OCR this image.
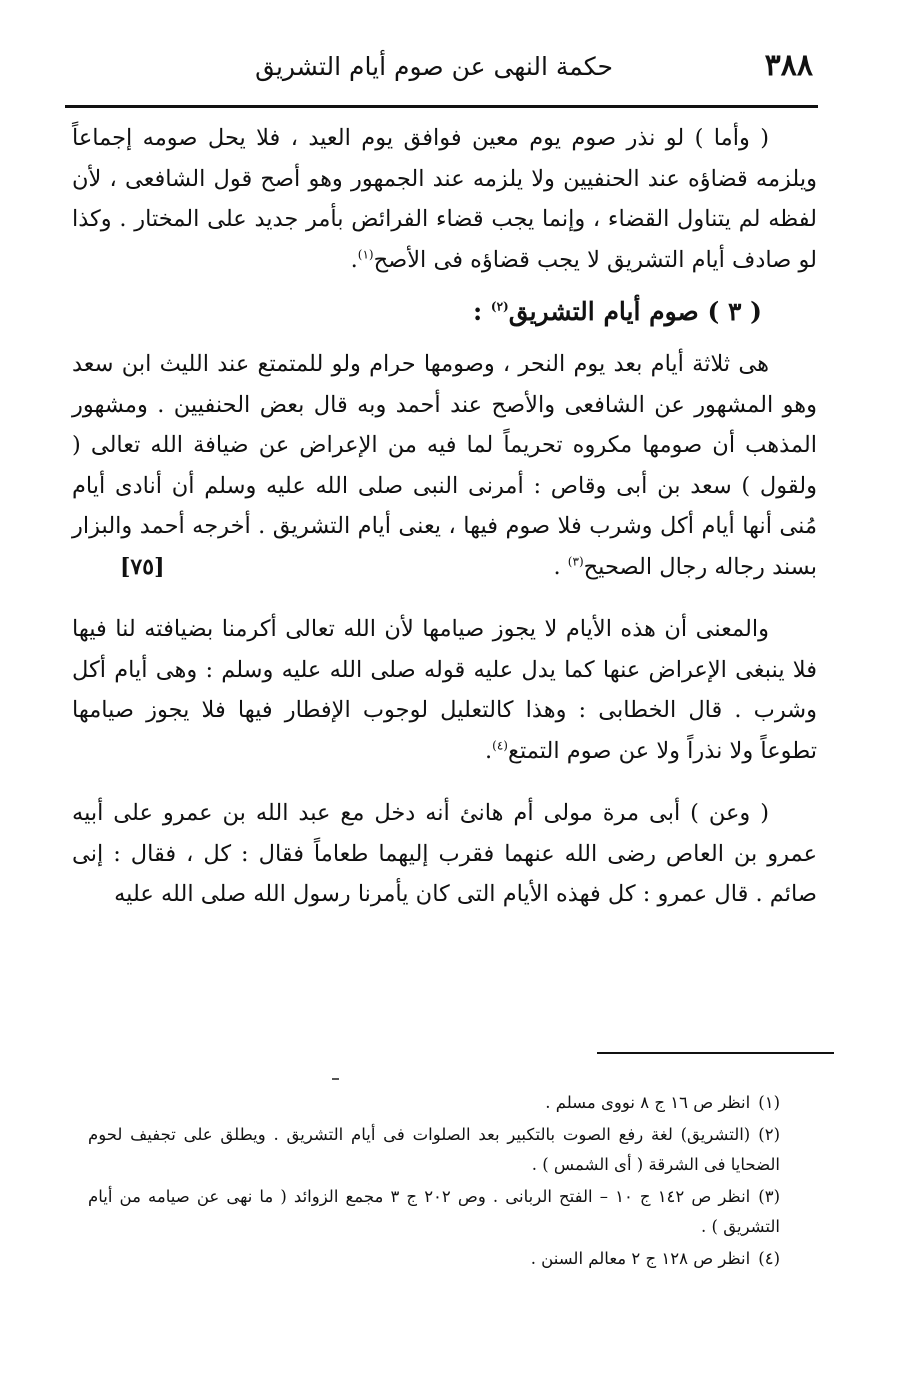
٣٨٨
حكمة النهى عن صوم أيام التشريق

( وأما ) لو نذر صوم يوم معين فوافق يوم العيد ، فلا يحل صومه إجماعاً ويلزمه قضاؤه عند الحنفيين ولا يلزمه عند الجمهور وهو أصح قول الشافعى ، لأن لفظه لم يتناول القضاء ، وإنما يجب قضاء الفرائض بأمر جديد على المختار . وكذا لو صادف أيام التشريق لا يجب قضاؤه فى الأصح$^{(١)}$.

( ٣ ) صوم أيام التشريق$^{(٢)}$ :

هى ثلاثة أيام بعد يوم النحر ، وصومها حرام ولو للمتمتع عند الليث ابن سعد وهو المشهور عن الشافعى والأصح عند أحمد وبه قال بعض الحنفيين . ومشهور المذهب أن صومها مكروه تحريماً لما فيه من الإعراض عن ضيافة الله تعالى ( ولقول ) سعد بن أبى وقاص : أمرنى النبى صلى الله عليه وسلم أن أنادى أيام مُنى أنها أيام أكل وشرب فلا صوم فيها ، يعنى أيام التشريق . أخرجه أحمد والبزار بسند رجاله رجال الصحيح$^{(٣)}$ .
[٧٥]

والمعنى أن هذه الأيام لا يجوز صيامها لأن الله تعالى أكرمنا بضيافته لنا فيها فلا ينبغى الإعراض عنها كما يدل عليه قوله صلى الله عليه وسلم : وهى أيام أكل وشرب . قال الخطابى : وهذا كالتعليل لوجوب الإفطار فيها فلا يجوز صيامها تطوعاً ولا نذراً ولا عن صوم التمتع$^{(٤)}$.

( وعن ) أبى مرة مولى أم هانئ أنه دخل مع عبد الله بن عمرو على أبيه عمرو بن العاص رضى الله عنهما فقرب إليهما طعاماً فقال : كل ، فقال : إنى صائم . قال عمرو : كل فهذه الأيام التى كان يأمرنا رسول الله صلى الله عليه

(١)انظر ص ١٦ ج ٨ نووى مسلم .

(٢)(التشريق) لغة رفع الصوت بالتكبير بعد الصلوات فى أيام التشريق . ويطلق على تجفيف لحوم الضحايا فى الشرقة ( أى الشمس ) .

(٣)انظر ص ١٤٢ ج ١٠ – الفتح الربانى . وص ٢٠٢ ج ٣ مجمع الزوائد ( ما نهى عن صيامه من أيام التشريق ) .

(٤)انظر ص ١٢٨ ج ٢ معالم السنن .
